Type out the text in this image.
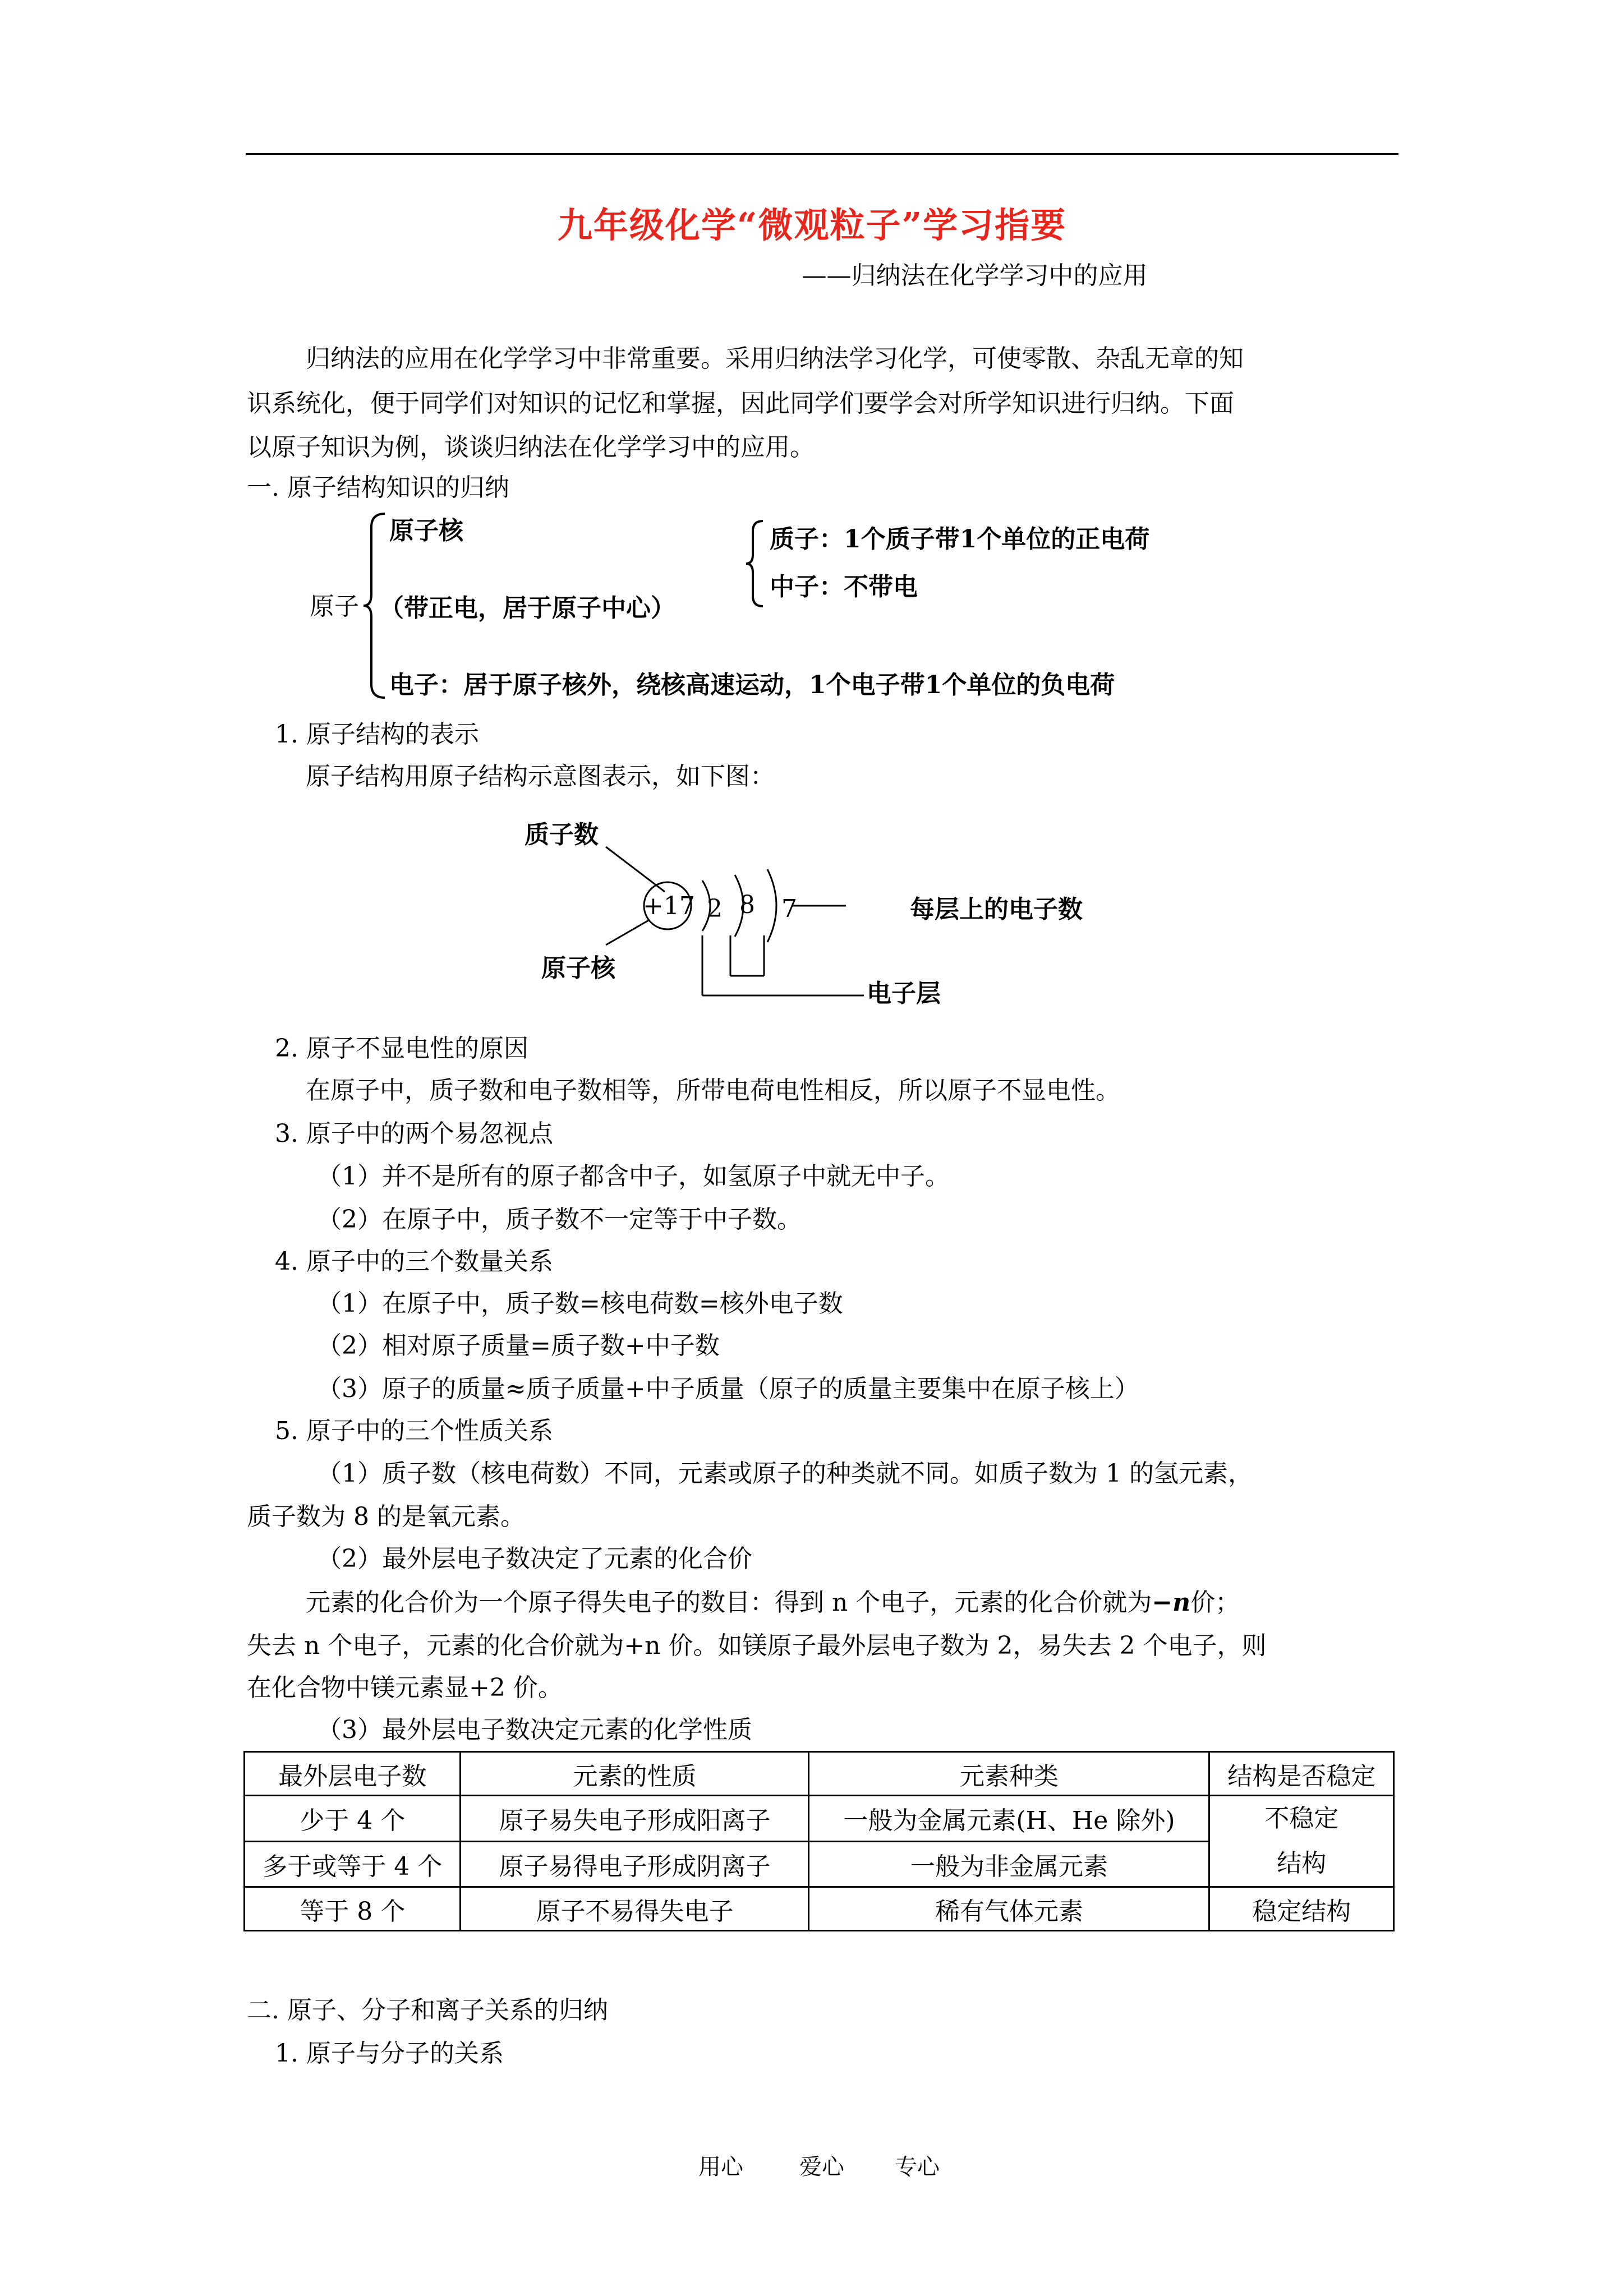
九年级化学“微观粒子”学习指要
——归纳法在化学学习中的应用
归纳法的应用在化学学习中非常重要。采用归纳法学习化学，可使零散、杂乱无章的知
识系统化，便于同学们对知识的记忆和掌握，因此同学们要学会对所学知识进行归纳。下面
以原子知识为例，谈谈归纳法在化学学习中的应用。
一. 原子结构知识的归纳
原子
原子核
（带正电，居于原子中心）
质子：1个质子带1个单位的正电荷
中子：不带电
电子：居于原子核外，绕核高速运动，1个电子带1个单位的负电荷
1. 原子结构的表示
原子结构用原子结构示意图表示，如下图：
质子数
原子核
+17 2 8 7	每层上的电子数
电子层
2. 原子不显电性的原因
在原子中，质子数和电子数相等，所带电荷电性相反，所以原子不显电性。
3. 原子中的两个易忽视点
（1）并不是所有的原子都含中子，如氢原子中就无中子。
（2）在原子中，质子数不一定等于中子数。
4. 原子中的三个数量关系
（1）在原子中，质子数=核电荷数=核外电子数
（2）相对原子质量=质子数+中子数
（3）原子的质量≈质子质量+中子质量（原子的质量主要集中在原子核上）
5. 原子中的三个性质关系
（1）质子数（核电荷数）不同，元素或原子的种类就不同。如质子数为 1 的氢元素，
质子数为 8 的是氧元素。
（2）最外层电子数决定了元素的化合价
元素的化合价为一个原子得失电子的数目：得到 n 个电子，元素的化合价就为−n价；
失去 n 个电子，元素的化合价就为+n 价。如镁原子最外层电子数为 2，易失去 2 个电子，则
在化合物中镁元素显+2 价。
（3）最外层电子数决定元素的化学性质
最外层电子数	元素的性质	元素种类	结构是否稳定
少于 4 个	原子易失电子形成阳离子	一般为金属元素(H、He 除外)	不稳定
结构
多于或等于 4 个	原子易得电子形成阴离子	一般为非金属元素	
等于 8 个	原子不易得失电子	稀有气体元素	稳定结构
二. 原子、分子和离子关系的归纳
1. 原子与分子的关系
用心	爱心 专心
